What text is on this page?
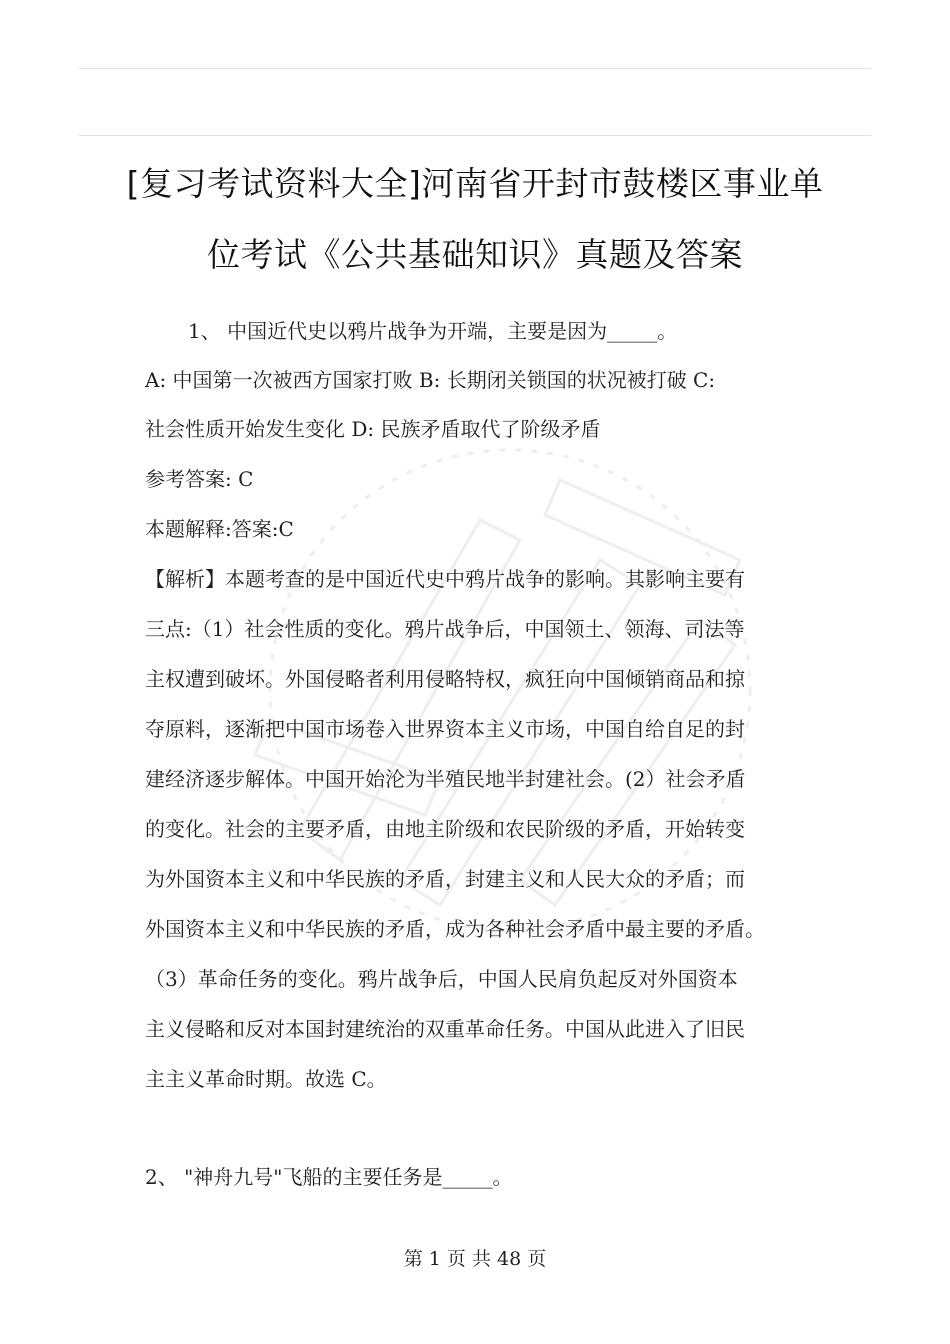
[复习考试资料大全]河南省开封市鼓楼区事业单
位考试《公共基础知识》真题及答案
1、 中国近代史以鸦片战争为开端，主要是因为_____。
A: 中国第一次被西方国家打败 B: 长期闭关锁国的状况被打破 C:
社会性质开始发生变化 D: 民族矛盾取代了阶级矛盾
参考答案: C
本题解释:答案:C
【解析】本题考查的是中国近代史中鸦片战争的影响。其影响主要有
三点:（1）社会性质的变化。鸦片战争后，中国领土、领海、司法等
主权遭到破坏。外国侵略者利用侵略特权，疯狂向中国倾销商品和掠
夺原料，逐渐把中国市场卷入世界资本主义市场，中国自给自足的封
建经济逐步解体。中国开始沦为半殖民地半封建社会。(2）社会矛盾
的变化。社会的主要矛盾，由地主阶级和农民阶级的矛盾，开始转变
为外国资本主义和中华民族的矛盾，封建主义和人民大众的矛盾；而
外国资本主义和中华民族的矛盾，成为各种社会矛盾中最主要的矛盾。
（3）革命任务的变化。鸦片战争后，中国人民肩负起反对外国资本
主义侵略和反对本国封建统治的双重革命任务。中国从此进入了旧民
主主义革命时期。故选 C。
2、 "神舟九号"飞船的主要任务是_____。
第 1 页 共 48 页
